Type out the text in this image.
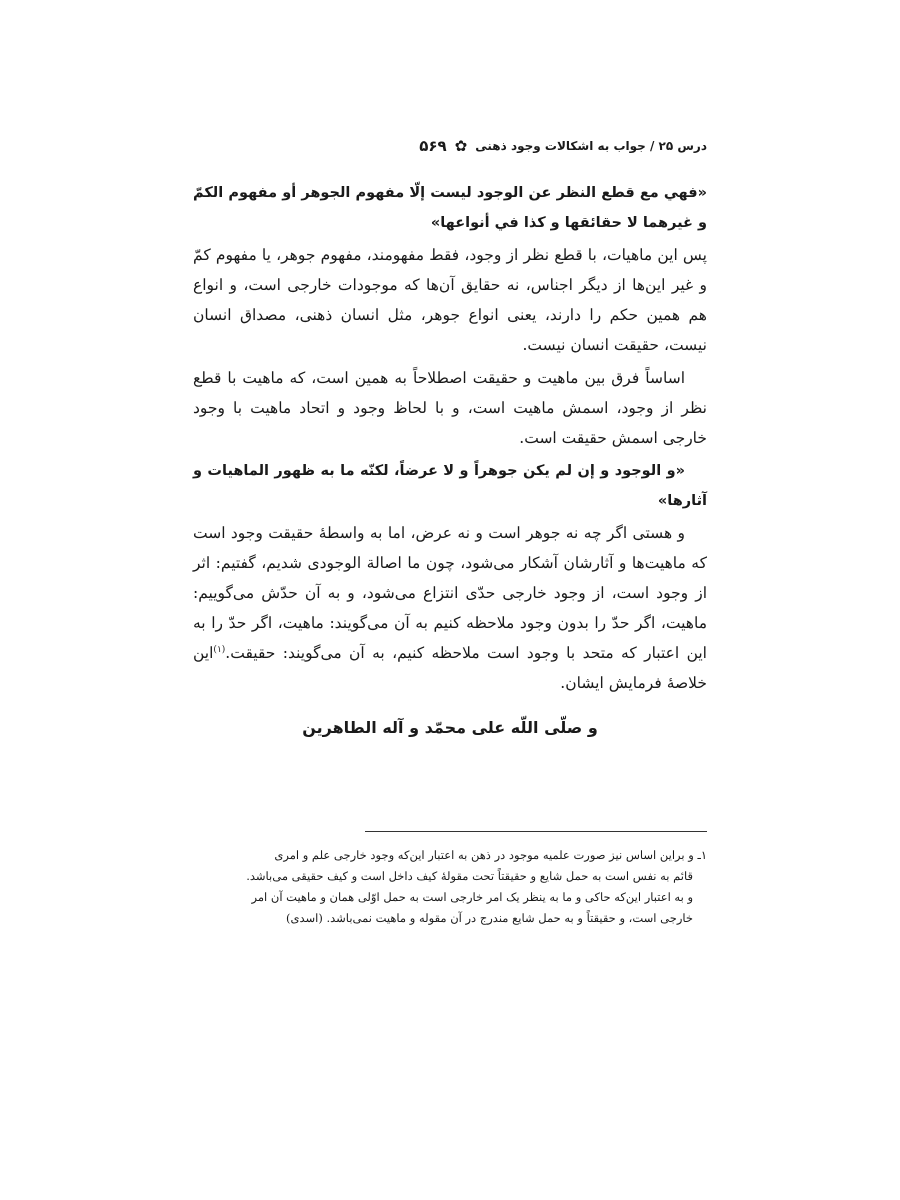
درس ۲۵ / جواب به اشکالات وجود ذهنی
✿
۵۶۹

«فهي مع قطع النظر عن الوجود ليست إلّا مفهوم الجوهر أو مفهوم الكمّ و غيرهما لا حقائقها و كذا في أنواعها»

پس این ماهیات، با قطع نظر از وجود، فقط مفهومند، مفهوم جوهر، یا مفهوم کمّ و غیر این‌ها از دیگر اجناس، نه حقایق آن‌ها که موجودات خارجی است، و انواع هم همین حکم را دارند، یعنی انواع جوهر، مثل انسان ذهنی، مصداق انسان نیست، حقیقت انسان نیست.

اساساً فرق بین ماهیت و حقیقت اصطلاحاً به همین است، که ماهیت با قطع نظر از وجود، اسمش ماهیت است، و با لحاظ وجود و اتحاد ماهیت با وجود خارجی اسمش حقیقت است.

«و الوجود و إن لم يكن جوهراً و لا عرضاً، لكنّه ما به ظهور الماهيات و آثارها»

و هستی اگر چه نه جوهر است و نه عرض، اما به واسطهٔ حقیقت وجود است که ماهیت‌ها و آثارشان آشکار می‌شود، چون ما اصالة الوجودی شدیم، گفتیم: اثر از وجود است، از وجود خارجی حدّی انتزاع می‌شود، و به آن حدّش می‌گوییم: ماهیت، اگر حدّ را بدون وجود ملاحظه کنیم به آن می‌گویند: ماهیت، اگر حدّ را به این اعتبار که متحد با وجود است ملاحظه کنیم، به آن می‌گویند: حقیقت.$^{(۱)}$این خلاصهٔ فرمایش ایشان.

و صلّی اللّه علی محمّد و آله الطاهرین
۱ـ و براین اساس نیز صورت علمیه موجود در ذهن به اعتبار این‌که وجود خارجی علم و امری
قائم به نفس است به حمل شایع و حقیقتاً تحت مقولهٔ کیف داخل است و کیف حقیقی می‌باشد.
و به اعتبار این‌که حاکی و ما به ینظر یک امر خارجی است به حمل اوّلی همان و ماهیت آن امر
خارجی است، و حقیقتاً و به حمل شایع مندرج در آن مقوله و ماهیت نمی‌باشد. (اسدی)
